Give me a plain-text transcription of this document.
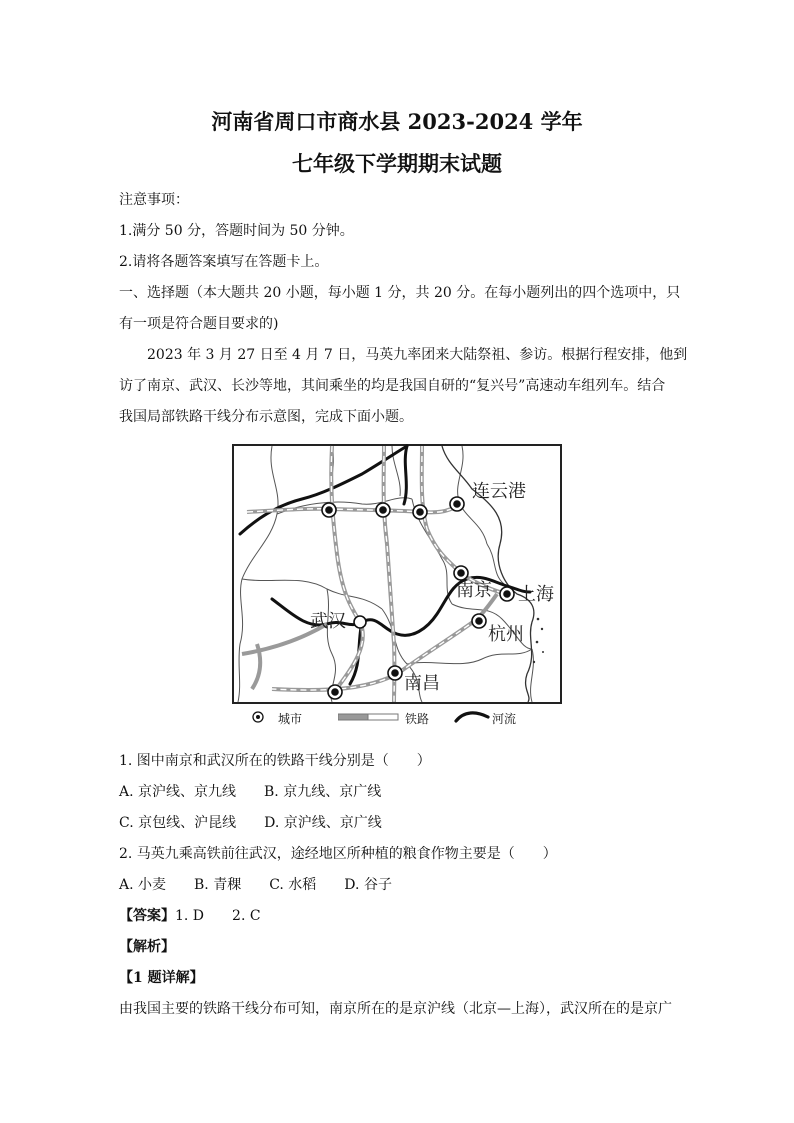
河南省周口市商水县 2023-2024 学年
七年级下学期期末试题
注意事项：
1.满分 50 分，答题时间为 50 分钟。
2.请将各题答案填写在答题卡上。
一、选择题（本大题共 20 小题，每小题 1 分，共 20 分。在每小题列出的四个选项中，只
有一项是符合题目要求的)
2023 年 3 月 27 日至 4 月 7 日，马英九率团来大陆祭祖、参访。根据行程安排，他到
访了南京、武汉、长沙等地，其间乘坐的均是我国自研的“复兴号”高速动车组列车。结合
我国局部铁路干线分布示意图，完成下面小题。
连云港
南京 上海
武汉
杭州
南昌
城市	铁路	河流
1. 图中南京和武汉所在的铁路干线分别是（　　）
A. 京沪线、京九线　　B. 京九线、京广线
C. 京包线、沪昆线　　D. 京沪线、京广线
2. 马英九乘高铁前往武汉，途经地区所种植的粮食作物主要是（　　）
A. 小麦　　B. 青稞　　C. 水稻　　D. 谷子
【答案】1. D　　2. C
【解析】
【1 题详解】
由我国主要的铁路干线分布可知，南京所在的是京沪线（北京—上海），武汉所在的是京广
